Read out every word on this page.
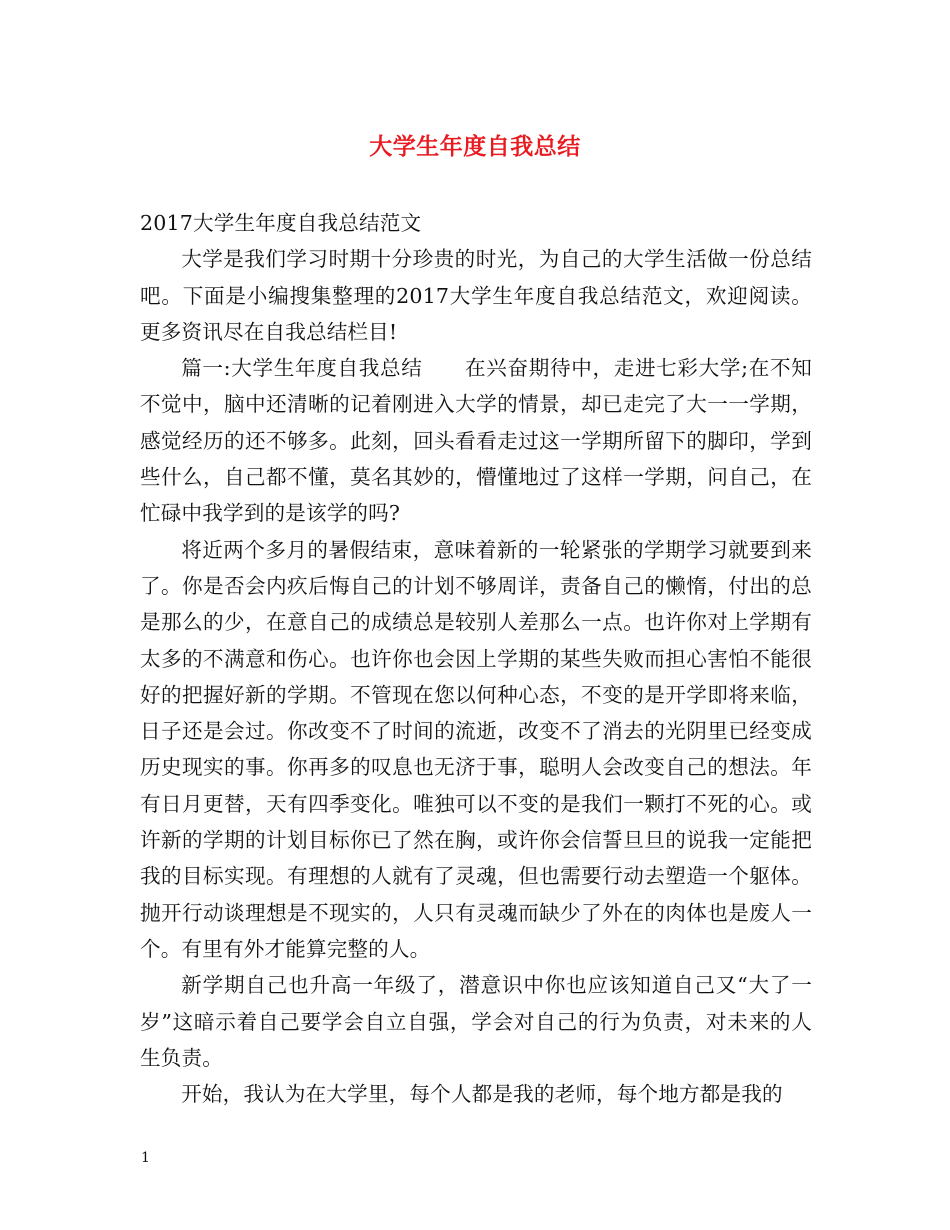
大学生年度自我总结

2017大学生年度自我总结范文

大学是我们学习时期十分珍贵的时光，为自己的大学生活做一份总结吧。下面是小编搜集整理的2017大学生年度自我总结范文，欢迎阅读。更多资讯尽在自我总结栏目!

篇一:大学生年度自我总结　　在兴奋期待中，走进七彩大学;在不知不觉中，脑中还清晰的记着刚进入大学的情景，却已走完了大一一学期，感觉经历的还不够多。此刻，回头看看走过这一学期所留下的脚印，学到些什么，自己都不懂，莫名其妙的，懵懂地过了这样一学期，问自己，在忙碌中我学到的是该学的吗?

将近两个多月的暑假结束，意味着新的一轮紧张的学期学习就要到来了。你是否会内疚后悔自己的计划不够周详，责备自己的懒惰，付出的总是那么的少，在意自己的成绩总是较别人差那么一点。也许你对上学期有太多的不满意和伤心。也许你也会因上学期的某些失败而担心害怕不能很好的把握好新的学期。不管现在您以何种心态，不变的是开学即将来临，日子还是会过。你改变不了时间的流逝，改变不了消去的光阴里已经变成历史现实的事。你再多的叹息也无济于事，聪明人会改变自己的想法。年有日月更替，天有四季变化。唯独可以不变的是我们一颗打不死的心。或许新的学期的计划目标你已了然在胸，或许你会信誓旦旦的说我一定能把我的目标实现。有理想的人就有了灵魂，但也需要行动去塑造一个躯体。抛开行动谈理想是不现实的，人只有灵魂而缺少了外在的肉体也是废人一个。有里有外才能算完整的人。

新学期自己也升高一年级了，潜意识中你也应该知道自己又“大了一岁”这暗示着自己要学会自立自强，学会对自己的行为负责，对未来的人生负责。

开始，我认为在大学里，每个人都是我的老师，每个地方都是我的

1
